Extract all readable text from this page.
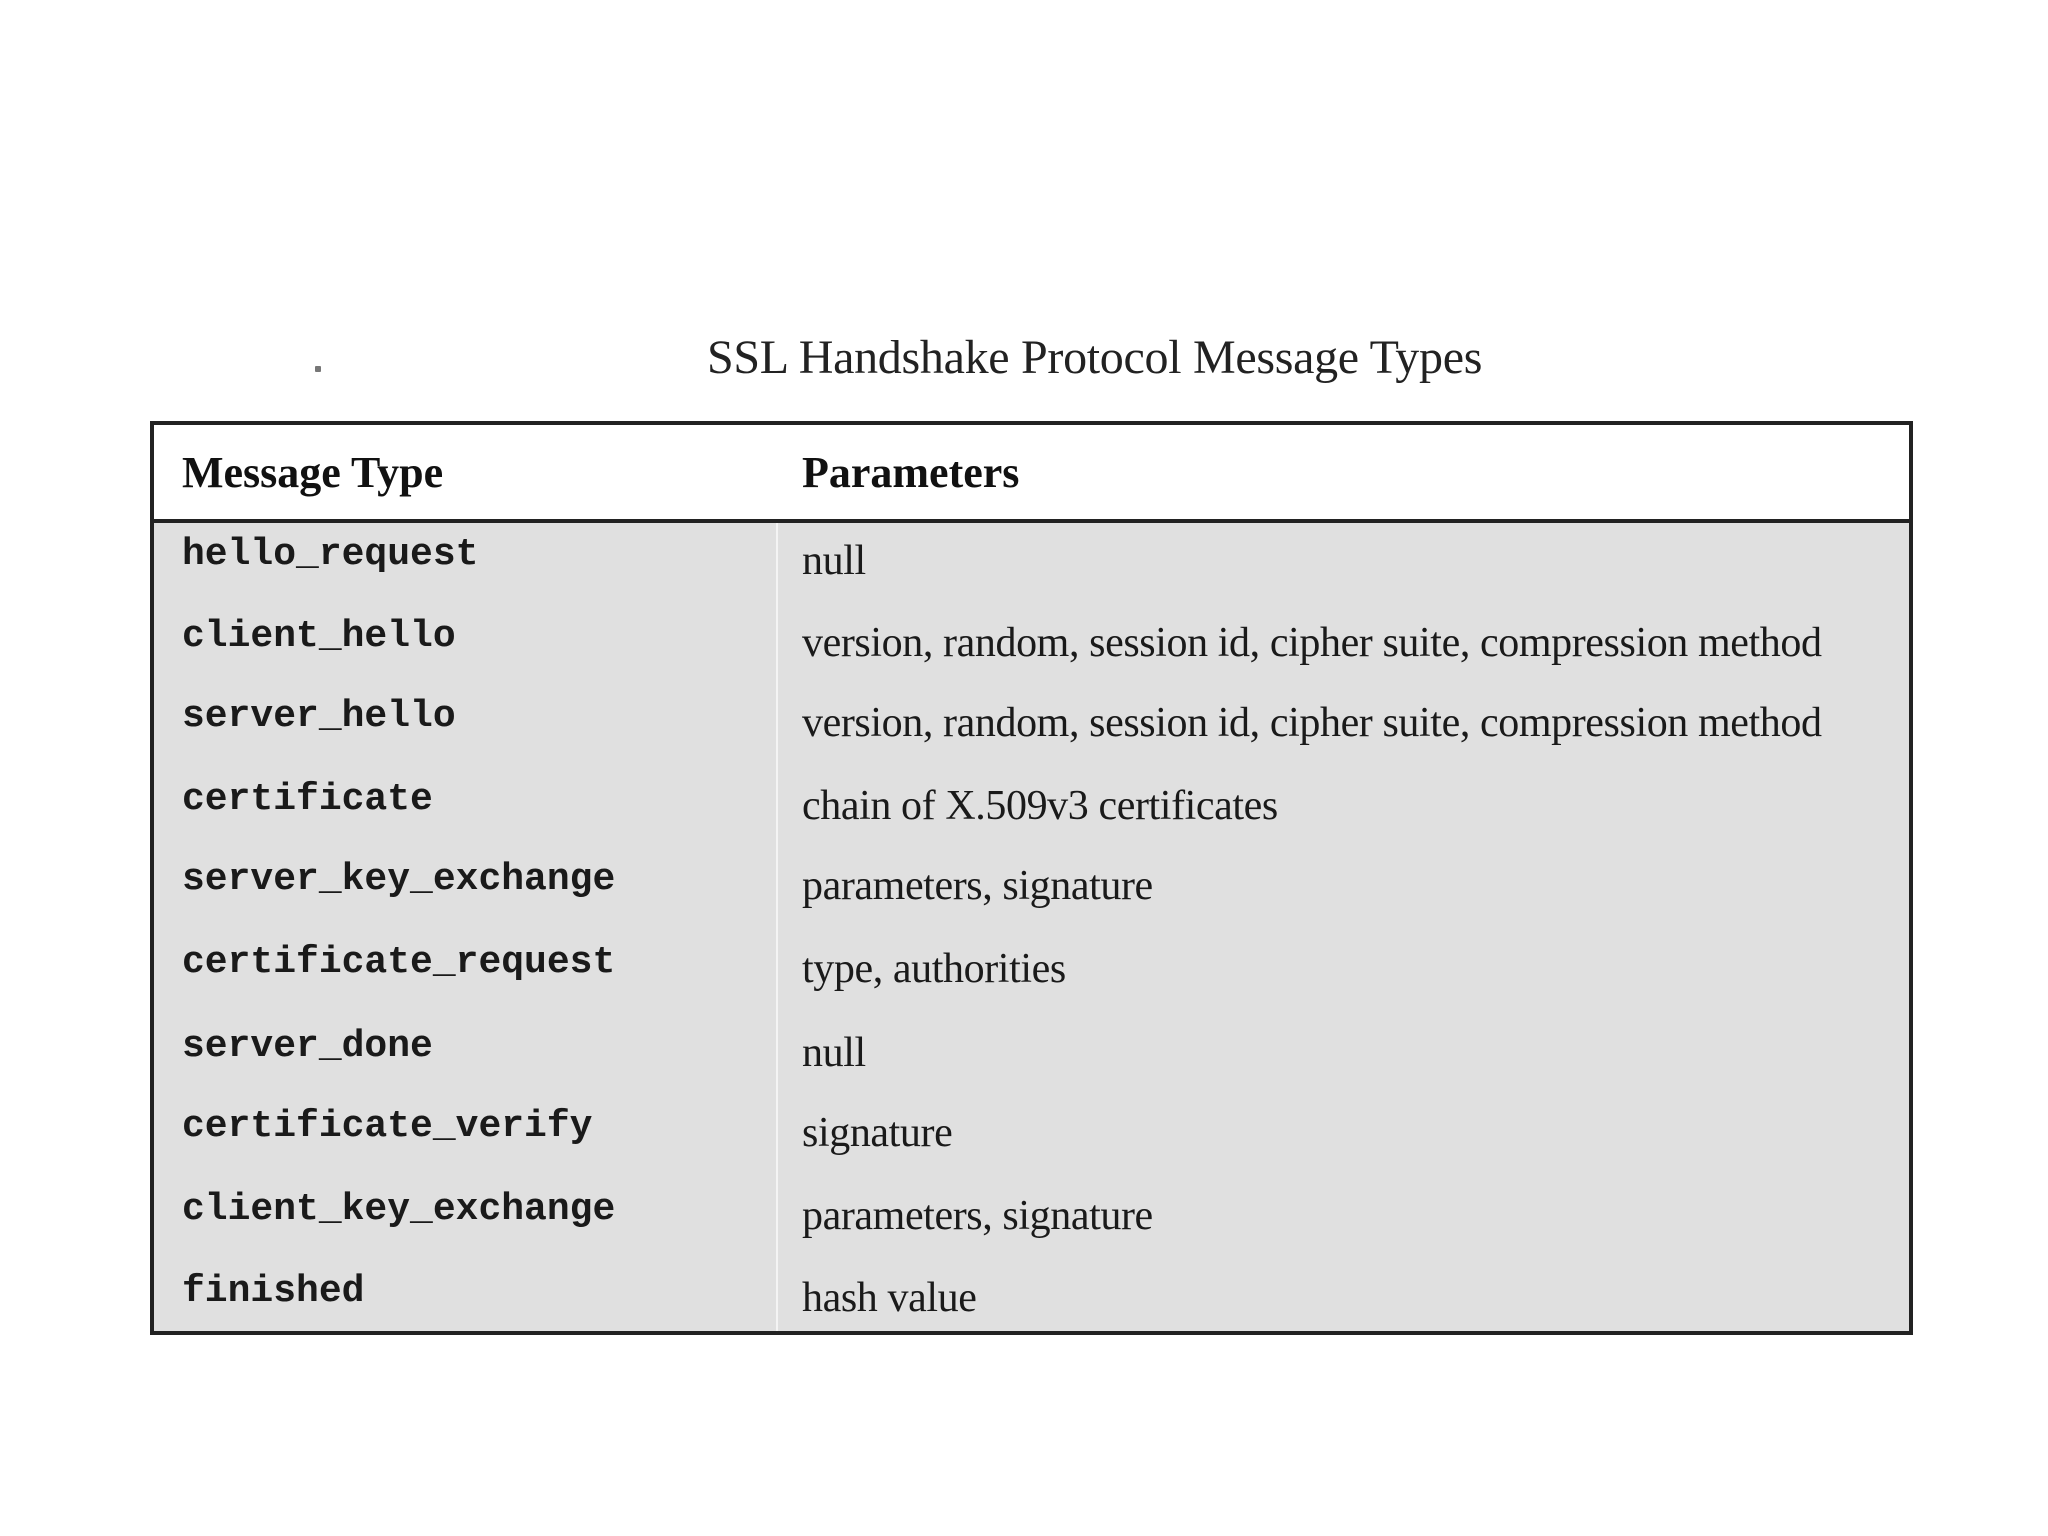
SSL Handshake Protocol Message Types
Message Type	Parameters
hello_request	null
client_hello	version, random, session id, cipher suite, compression method
server_hello	version, random, session id, cipher suite, compression method
certificate	chain of X.509v3 certificates
server_key_exchange	parameters, signature
certificate_request	type, authorities
server_done	null
certificate_verify	signature
client_key_exchange	parameters, signature
finished	hash value
